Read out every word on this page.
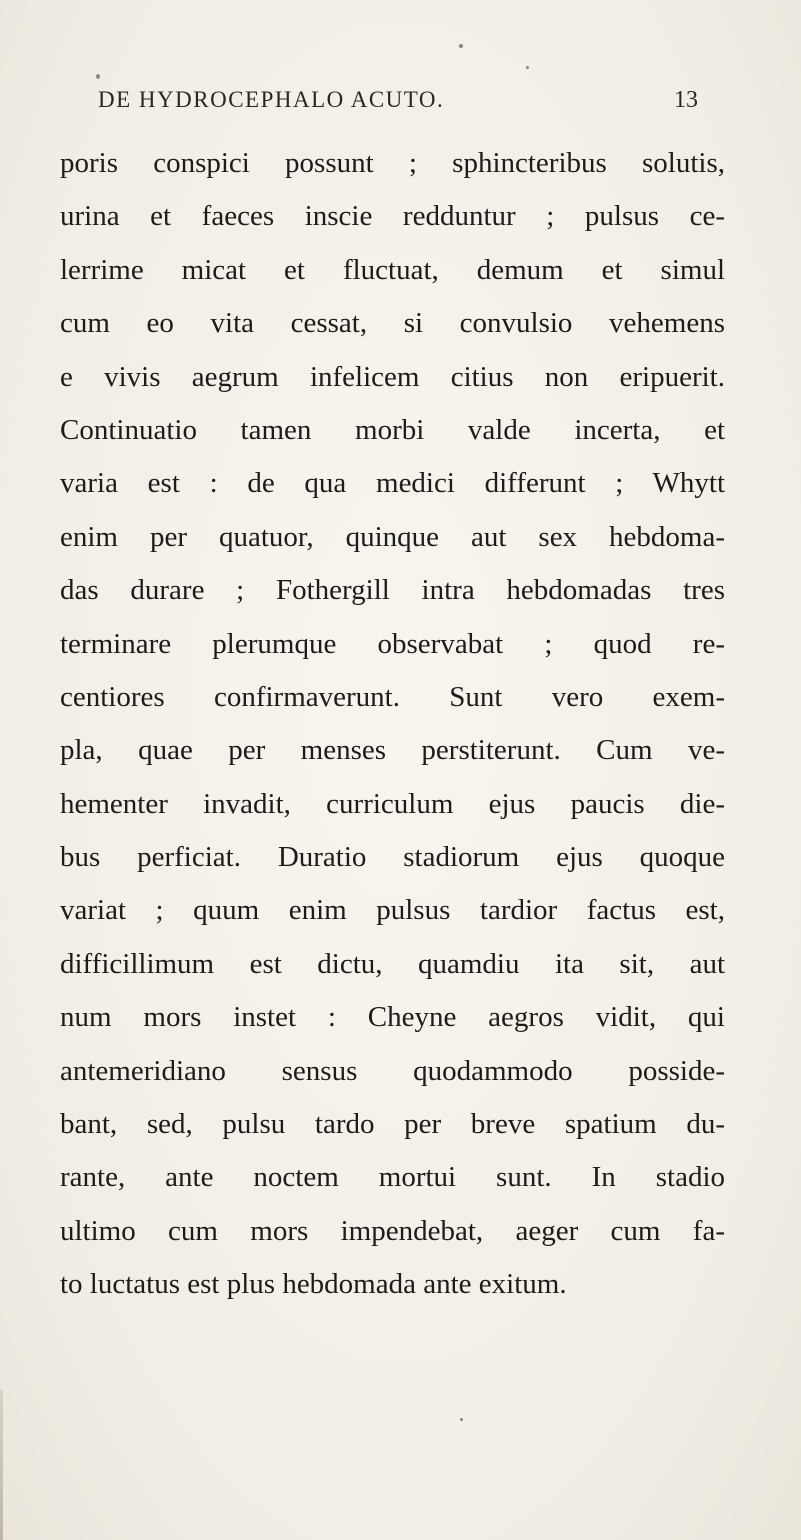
DE HYDROCEPHALO ACUTO.	13
poris conspici possunt ; sphincteribus solutis,
urina et faeces inscie redduntur ; pulsus ce-
lerrime micat et fluctuat, demum et simul
cum eo vita cessat, si convulsio vehemens
e vivis aegrum infelicem citius non eripuerit.
Continuatio tamen morbi valde incerta, et
varia est : de qua medici differunt ; Whytt
enim per quatuor, quinque aut sex hebdoma-
das durare ; Fothergill intra hebdomadas tres
terminare plerumque observabat ; quod re-
centiores confirmaverunt. Sunt vero exem-
pla, quae per menses perstiterunt. Cum ve-
hementer invadit, curriculum ejus paucis die-
bus perficiat. Duratio stadiorum ejus quoque
variat ; quum enim pulsus tardior factus est,
difficillimum est dictu, quamdiu ita sit, aut
num mors instet : Cheyne aegros vidit, qui
antemeridiano sensus quodammodo posside-
bant, sed, pulsu tardo per breve spatium du-
rante, ante noctem mortui sunt. In stadio
ultimo cum mors impendebat, aeger cum fa-
to luctatus est plus hebdomada ante exitum.
